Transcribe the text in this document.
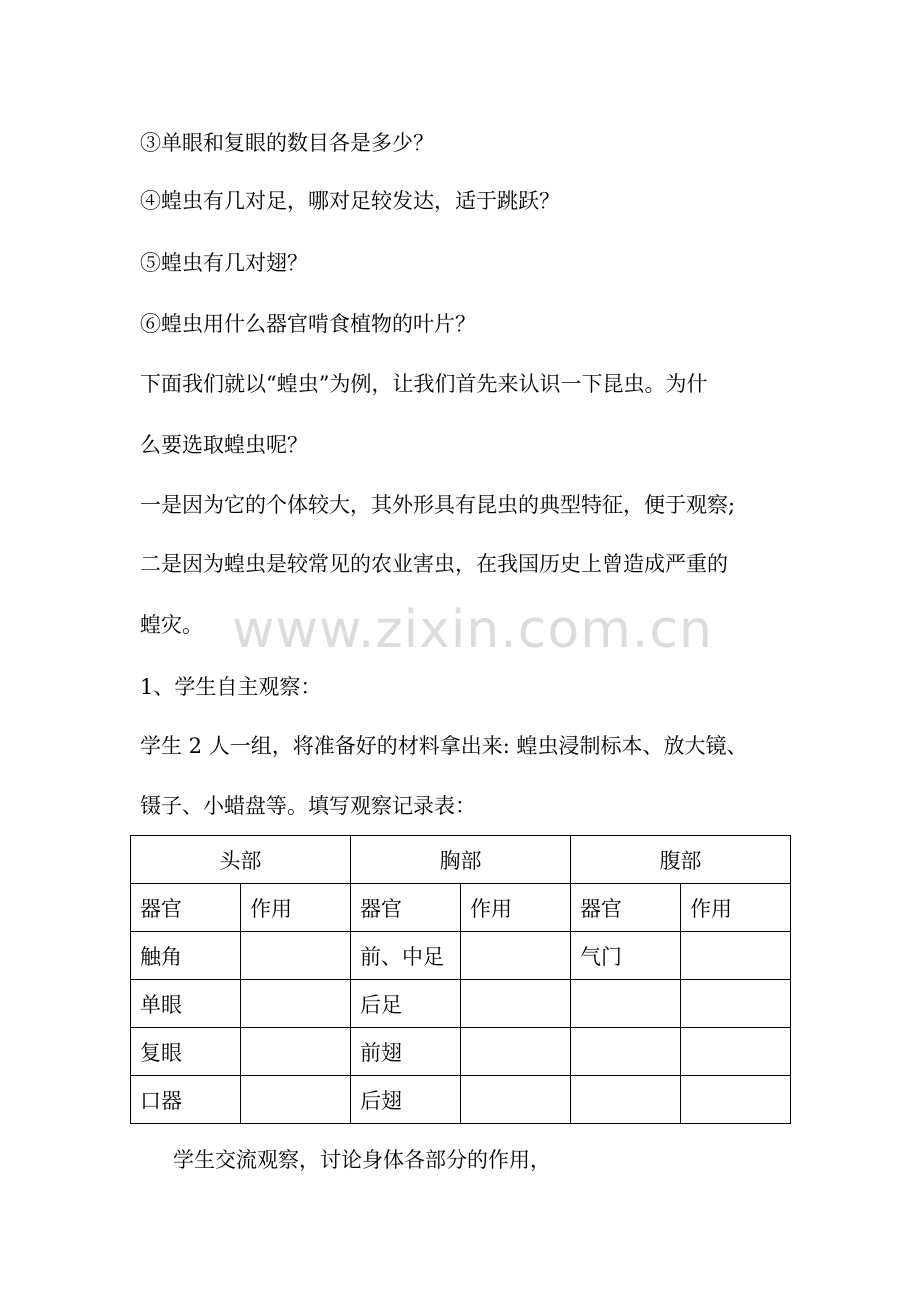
③单眼和复眼的数目各是多少？
④蝗虫有几对足，哪对足较发达，适于跳跃？
⑤蝗虫有几对翅？
⑥蝗虫用什么器官啃食植物的叶片？
下面我们就以“蝗虫”为例，让我们首先来认识一下昆虫。为什
么要选取蝗虫呢？
一是因为它的个体较大，其外形具有昆虫的典型特征，便于观察;
二是因为蝗虫是较常见的农业害虫，在我国历史上曾造成严重的
蝗灾。
1、学生自主观察：
学生 2 人一组，将准备好的材料拿出来: 蝗虫浸制标本、放大镜、
镊子、小蜡盘等。填写观察记录表：
www.zixin.com.cn
头部		胸部		腹部	
器官	作用	器官	作用	器官	作用
触角		前、中足		气门	
单眼		后足			
复眼		前翅			
口器		后翅			
学生交流观察，讨论身体各部分的作用，
